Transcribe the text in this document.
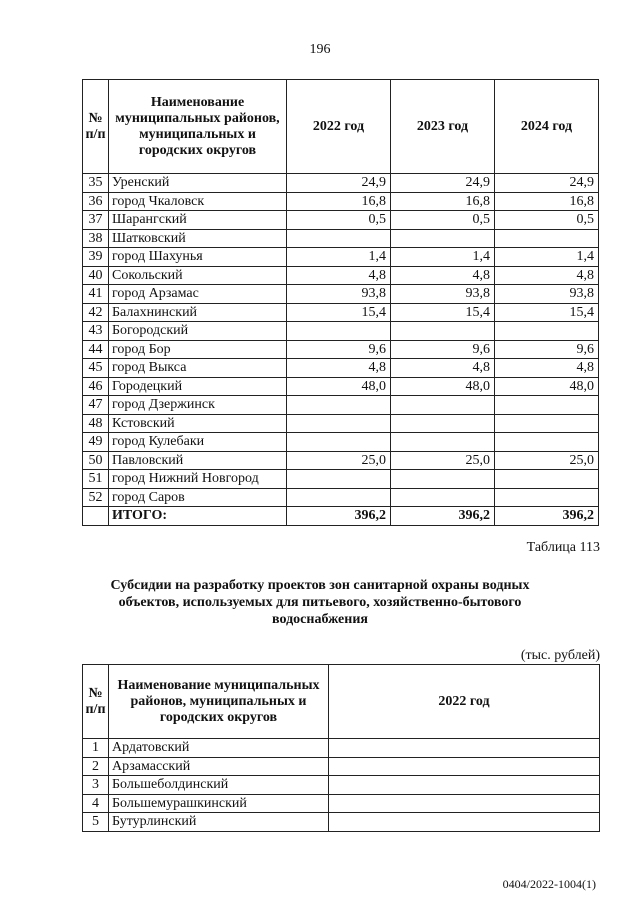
196
№ п/п	Наименование муниципальных районов, муниципальных и городских округов	2022 год	2023 год	2024 год
35	Уренский	24,9	24,9	24,9
36	город Чкаловск	16,8	16,8	16,8
37	Шарангский	0,5	0,5	0,5
38	Шатковский			
39	город Шахунья	1,4	1,4	1,4
40	Сокольский	4,8	4,8	4,8
41	город Арзамас	93,8	93,8	93,8
42	Балахнинский	15,4	15,4	15,4
43	Богородский			
44	город Бор	9,6	9,6	9,6
45	город Выкса	4,8	4,8	4,8
46	Городецкий	48,0	48,0	48,0
47	город Дзержинск			
48	Кстовский			
49	город Кулебаки			
50	Павловский	25,0	25,0	25,0
51	город Нижний Новгород			
52	город Саров			
	ИТОГО:	396,2	396,2	396,2
Таблица 113
Субсидии на разработку проектов зон санитарной охраны водных объектов, используемых для питьевого, хозяйственно-бытового водоснабжения
(тыс. рублей)
№ п/п	Наименование муниципальных районов, муниципальных и городских округов	2022 год
1	Ардатовский	
2	Арзамасский	
3	Большеболдинский	
4	Большемурашкинский	
5	Бутурлинский	
0404/2022-1004(1)
